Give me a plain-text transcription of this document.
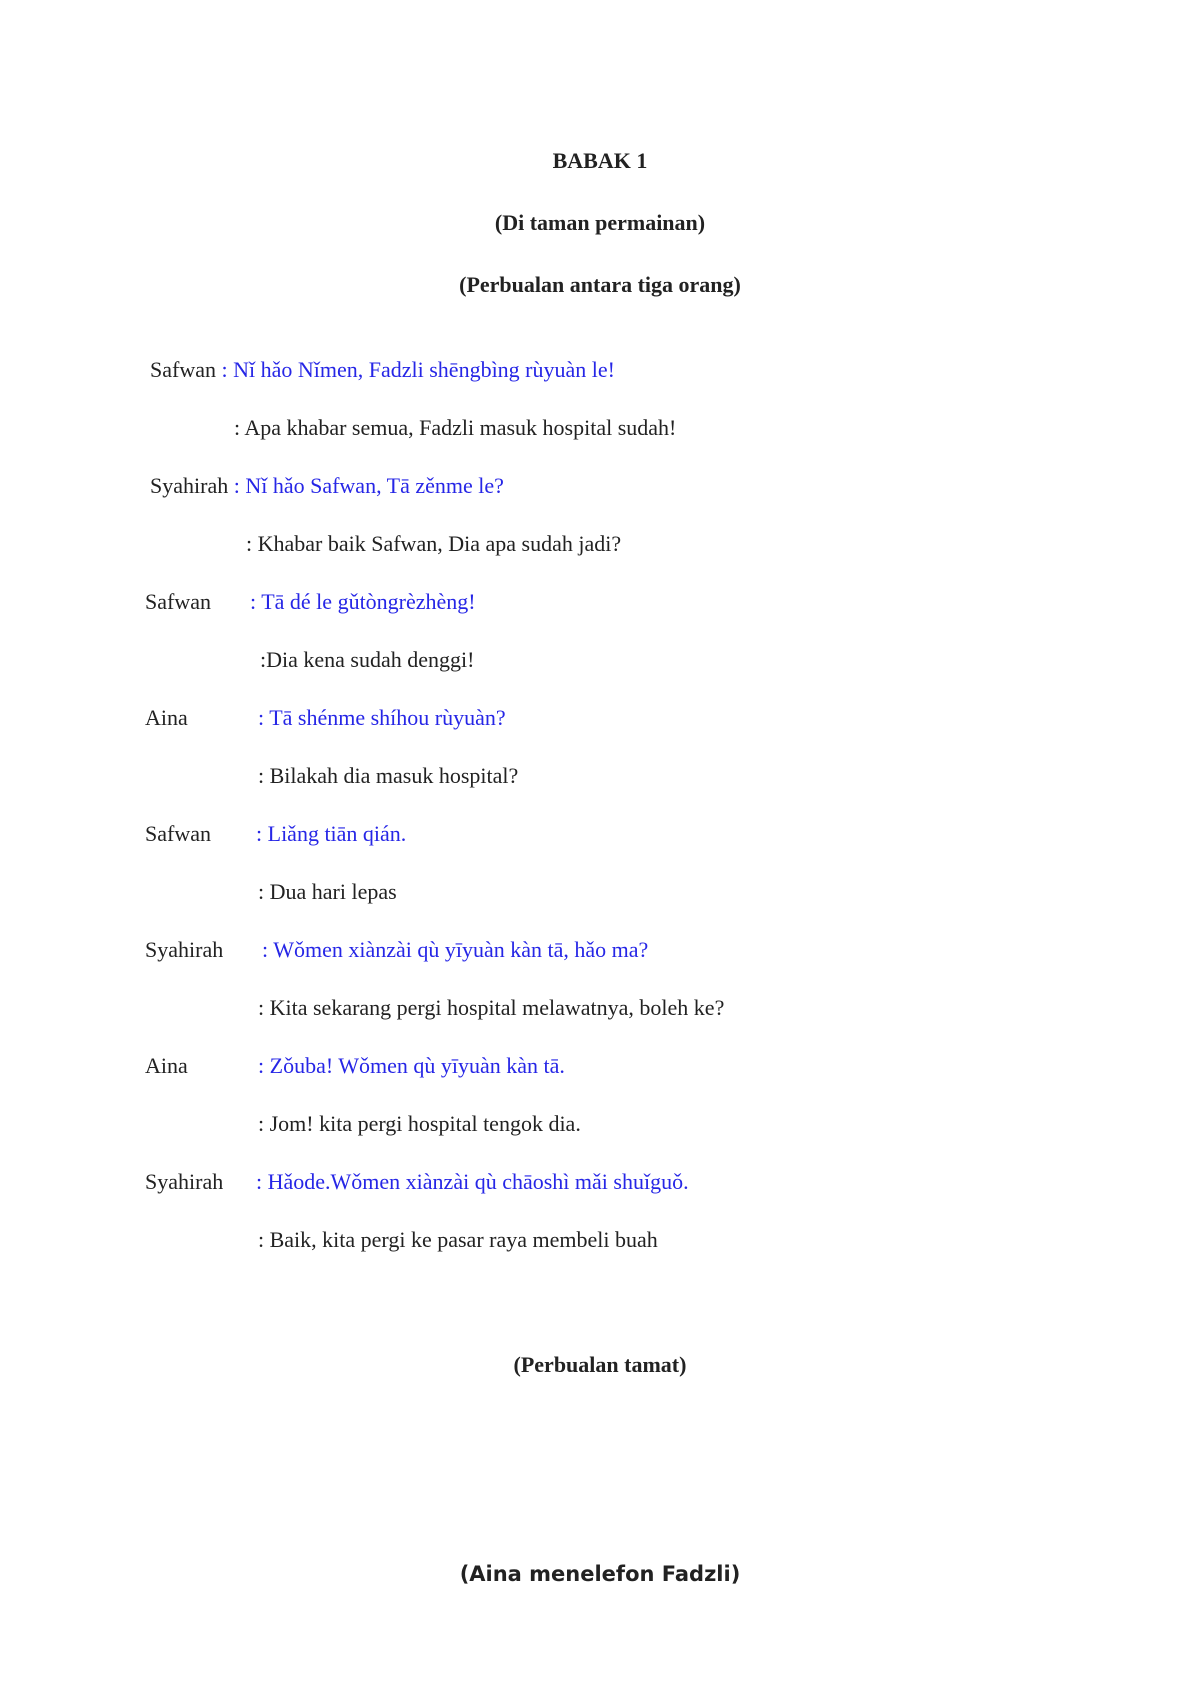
BABAK 1
(Di taman permainan)
(Perbualan antara tiga orang)
Safwan : Nǐ hǎo Nǐmen, Fadzli shēngbìng rùyuàn le!
: Apa khabar semua, Fadzli masuk hospital sudah!
Syahirah : Nǐ hǎo Safwan, Tā zěnme le?
: Khabar baik Safwan, Dia apa sudah jadi?
Safwan : Tā dé le gǔtòngrèzhèng!
:Dia kena sudah denggi!
Aina	: Tā shénme shíhou rùyuàn?
: Bilakah dia masuk hospital?
Safwan : Liǎng tiān qián.
: Dua hari lepas
Syahirah : Wǒmen xiànzài qù yīyuàn kàn tā, hǎo ma?
: Kita sekarang pergi hospital melawatnya, boleh ke?
Aina	: Zǒuba! Wǒmen qù yīyuàn kàn tā.
: Jom! kita pergi hospital tengok dia.
Syahirah : Hǎode.Wǒmen xiànzài qù chāoshì mǎi shuǐguǒ.
: Baik, kita pergi ke pasar raya membeli buah
(Perbualan tamat)
(Aina menelefon Fadzli)
